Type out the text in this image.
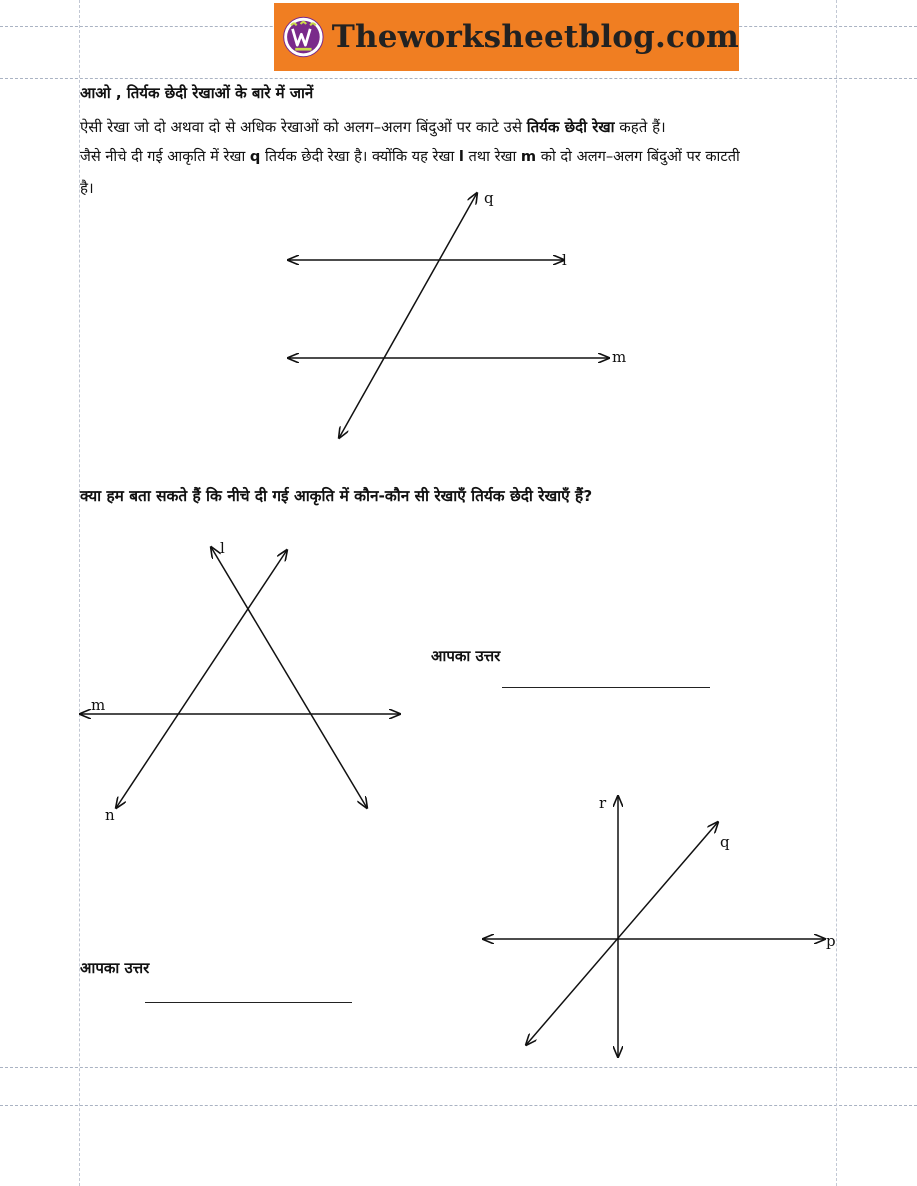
Theworksheetblog.com
आओ , तिर्यक छेदी रेखाओं के बारे में जानें
ऐसी रेखा जो दो अथवा दो से अधिक रेखाओं को अलग–अलग बिंदुओं पर काटे उसे तिर्यक छेदी रेखा कहते हैं।
जैसे नीचे दी गई आकृति में रेखा q तिर्यक छेदी रेखा है। क्योंकि यह रेखा l तथा रेखा m को दो अलग–अलग बिंदुओं पर काटती
है।
q
l
m
l
m
n
r
q
p
क्या हम बता सकते हैं कि नीचे दी गई आकृति में कौन-कौन सी रेखाएँ तिर्यक छेदी रेखाएँ हैं?
आपका उत्तर
आपका उत्तर
